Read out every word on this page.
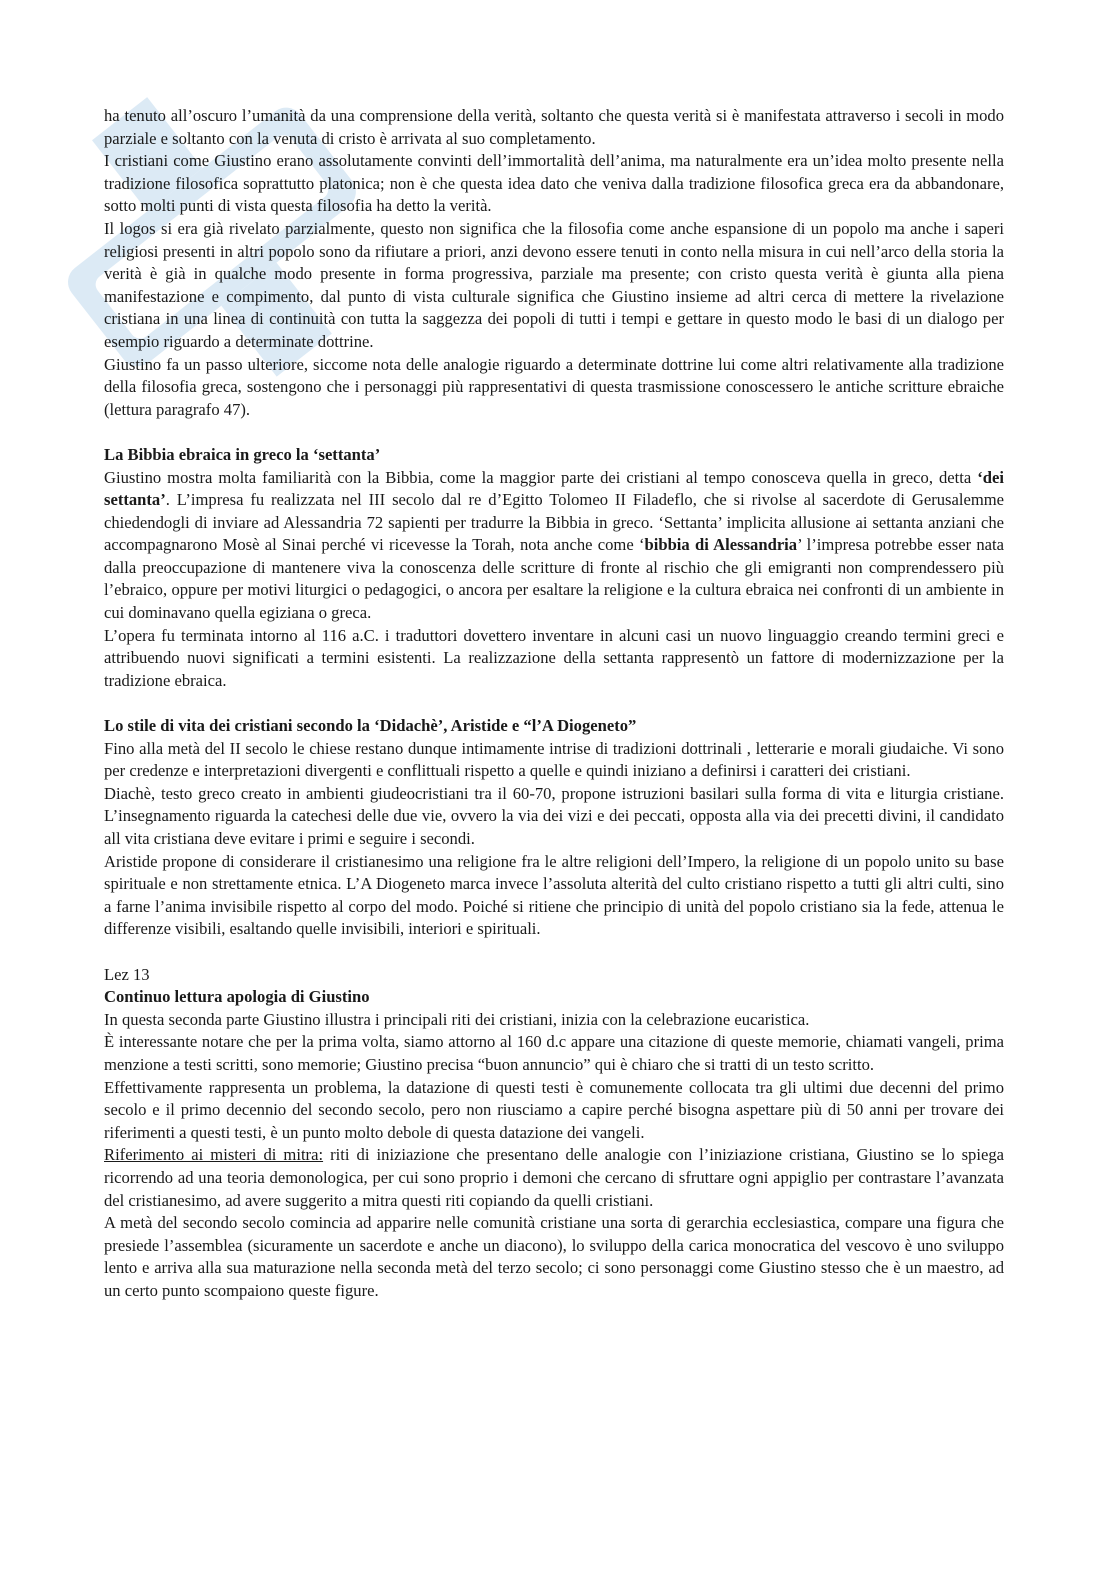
ha tenuto all’oscuro l’umanità da una comprensione della verità, soltanto che questa verità si è manifestata attraverso i secoli in modo parziale e soltanto con la venuta di cristo è arrivata al suo completamento.

I cristiani come Giustino erano assolutamente convinti dell’immortalità dell’anima, ma naturalmente era un’idea molto presente nella tradizione filosofica soprattutto platonica; non è che questa idea dato che veniva dalla tradizione filosofica greca era da abbandonare, sotto molti punti di vista questa filosofia ha detto la verità.

Il logos si era già rivelato parzialmente, questo non significa che la filosofia come anche espansione di un popolo ma anche i saperi religiosi presenti in altri popolo sono da rifiutare a priori, anzi devono essere tenuti in conto nella misura in cui nell’arco della storia la verità è già in qualche modo presente in forma progressiva, parziale ma presente; con cristo questa verità è giunta alla piena manifestazione e compimento, dal punto di vista culturale significa che Giustino insieme ad altri cerca di mettere la rivelazione cristiana in una linea di continuità con tutta la saggezza dei popoli di tutti i tempi e gettare in questo modo le basi di un dialogo per esempio riguardo a determinate dottrine.

Giustino fa un passo ulteriore, siccome nota delle analogie riguardo a determinate dottrine lui come altri relativamente alla tradizione della filosofia greca, sostengono che i personaggi più rappresentativi di questa trasmissione conoscessero le antiche scritture ebraiche (lettura paragrafo 47).

La Bibbia ebraica in greco la ‘settanta’

Giustino mostra molta familiarità con la Bibbia, come la maggior parte dei cristiani al tempo conosceva quella in greco, detta ‘dei settanta’. L’impresa fu realizzata nel III secolo dal re d’Egitto Tolomeo II Filadeflo, che si rivolse al sacerdote di Gerusalemme chiedendogli di inviare ad Alessandria 72 sapienti per tradurre la Bibbia in greco. ‘Settanta’ implicita allusione ai settanta anziani che accompagnarono Mosè al Sinai perché vi ricevesse la Torah, nota anche come ‘bibbia di Alessandria’ l’impresa potrebbe esser nata dalla preoccupazione di mantenere viva la conoscenza delle scritture di fronte al rischio che gli emigranti non comprendessero più l’ebraico, oppure per motivi liturgici o pedagogici, o ancora per esaltare la religione e la cultura ebraica nei confronti di un ambiente in cui dominavano quella egiziana o greca.

L’opera fu terminata intorno al 116 a.C. i traduttori dovettero inventare in alcuni casi un nuovo linguaggio creando termini greci e attribuendo nuovi significati a termini esistenti. La realizzazione della settanta rappresentò un fattore di modernizzazione per la tradizione ebraica.

Lo stile di vita dei cristiani secondo la ‘Didachè’, Aristide e “l’A Diogeneto”

Fino alla metà del II secolo le chiese restano dunque intimamente intrise di tradizioni dottrinali , letterarie e morali giudaiche. Vi sono per credenze e interpretazioni divergenti e conflittuali rispetto a quelle e quindi iniziano a definirsi i caratteri dei cristiani.

Diachè, testo greco creato in ambienti giudeocristiani tra il 60-70, propone istruzioni basilari sulla forma di vita e liturgia cristiane. L’insegnamento riguarda la catechesi delle due vie, ovvero la via dei vizi e dei peccati, opposta alla via dei precetti divini, il candidato all vita cristiana deve evitare i primi e seguire i secondi.

Aristide propone di considerare il cristianesimo una religione fra le altre religioni dell’Impero, la religione di un popolo unito su base spirituale e non strettamente etnica. L’A Diogeneto marca invece l’assoluta alterità del culto cristiano rispetto a tutti gli altri culti, sino a farne l’anima invisibile rispetto al corpo del modo. Poiché si ritiene che principio di unità del popolo cristiano sia la fede, attenua le differenze visibili, esaltando quelle invisibili, interiori e spirituali.

Lez 13

Continuo lettura apologia di Giustino

In questa seconda parte Giustino illustra i principali riti dei cristiani, inizia con la celebrazione eucaristica.

È interessante notare che per la prima volta, siamo attorno al 160 d.c appare una citazione di queste memorie, chiamati vangeli, prima menzione a testi scritti, sono memorie; Giustino precisa “buon annuncio” qui è chiaro che si tratti di un testo scritto.

Effettivamente rappresenta un problema, la datazione di questi testi è comunemente collocata tra gli ultimi due decenni del primo secolo e il primo decennio del secondo secolo, pero non riusciamo a capire perché bisogna aspettare più di 50 anni per trovare dei riferimenti a questi testi, è un punto molto debole di questa datazione dei vangeli.

Riferimento ai misteri di mitra: riti di iniziazione che presentano delle analogie con l’iniziazione cristiana, Giustino se lo spiega ricorrendo ad una teoria demonologica, per cui sono proprio i demoni che cercano di sfruttare ogni appiglio per contrastare l’avanzata del cristianesimo, ad avere suggerito a mitra questi riti copiando da quelli cristiani.

A metà del secondo secolo comincia ad apparire nelle comunità cristiane una sorta di gerarchia ecclesiastica, compare una figura che presiede l’assemblea (sicuramente un sacerdote e anche un diacono), lo sviluppo della carica monocratica del vescovo è uno sviluppo lento e arriva alla sua maturazione nella seconda metà del terzo secolo; ci sono personaggi come Giustino stesso che è un maestro, ad un certo punto scompaiono queste figure.
